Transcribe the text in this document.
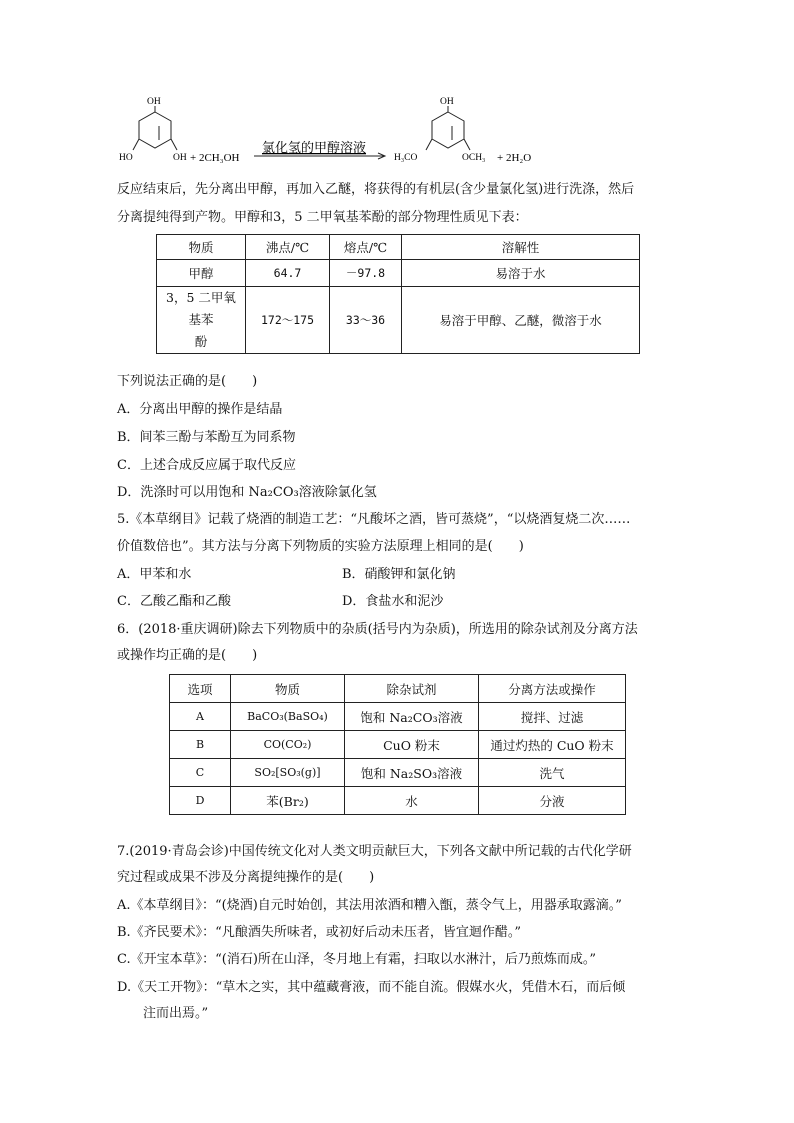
OH
HO	OH + 2CH₃OH
氯化氢的甲醇溶液
OH
H₃CO	OCH₃ + 2H₂O
反应结束后，先分离出甲醇，再加入乙醚，将获得的有机层(含少量氯化氢)进行洗涤，然后
分离提纯得到产物。甲醇和3，5 二甲氧基苯酚的部分物理性质见下表：
物质	沸点/℃	熔点/℃	溶解性
甲醇	64.7	－97.8	易溶于水
3，5 二甲氧基苯
酚	172～175	33～36	易溶于甲醇、乙醚，微溶于水
下列说法正确的是(　　)
A．分离出甲醇的操作是结晶
B．间苯三酚与苯酚互为同系物
C．上述合成反应属于取代反应
D．洗涤时可以用饱和 Na₂CO₃溶液除氯化氢
5.《本草纲目》记载了烧酒的制造工艺：“凡酸坏之酒，皆可蒸烧”，“以烧酒复烧二次……
价值数倍也”。其方法与分离下列物质的实验方法原理上相同的是(　　)
A．甲苯和水	B．硝酸钾和氯化钠
C．乙酸乙酯和乙酸	D．食盐水和泥沙
6．(2018·重庆调研)除去下列物质中的杂质(括号内为杂质)，所选用的除杂试剂及分离方法
或操作均正确的是(　　)
选项	物质	除杂试剂	分离方法或操作
A	BaCO₃(BaSO₄)	饱和 Na₂CO₃溶液	搅拌、过滤
B	CO(CO₂)	CuO 粉末	通过灼热的 CuO 粉末
C	SO₂[SO₃(g)]	饱和 Na₂SO₃溶液	洗气
D	苯(Br₂)	水	分液
7.(2019·青岛会诊)中国传统文化对人类文明贡献巨大，下列各文献中所记载的古代化学研
究过程或成果不涉及分离提纯操作的是(　　)
A.《本草纲目》：“(烧酒)自元时始创，其法用浓酒和糟入甑，蒸令气上，用器承取露滴。”
B.《齐民要术》：“凡酿酒失所味者，或初好后动未压者，皆宜迴作醋。”
C.《开宝本草》：“(消石)所在山泽，冬月地上有霜，扫取以水淋汁，后乃煎炼而成。”
D.《天工开物》：“草木之实，其中蕴藏膏液，而不能自流。假媒水火，凭借木石，而后倾
注而出焉。”
